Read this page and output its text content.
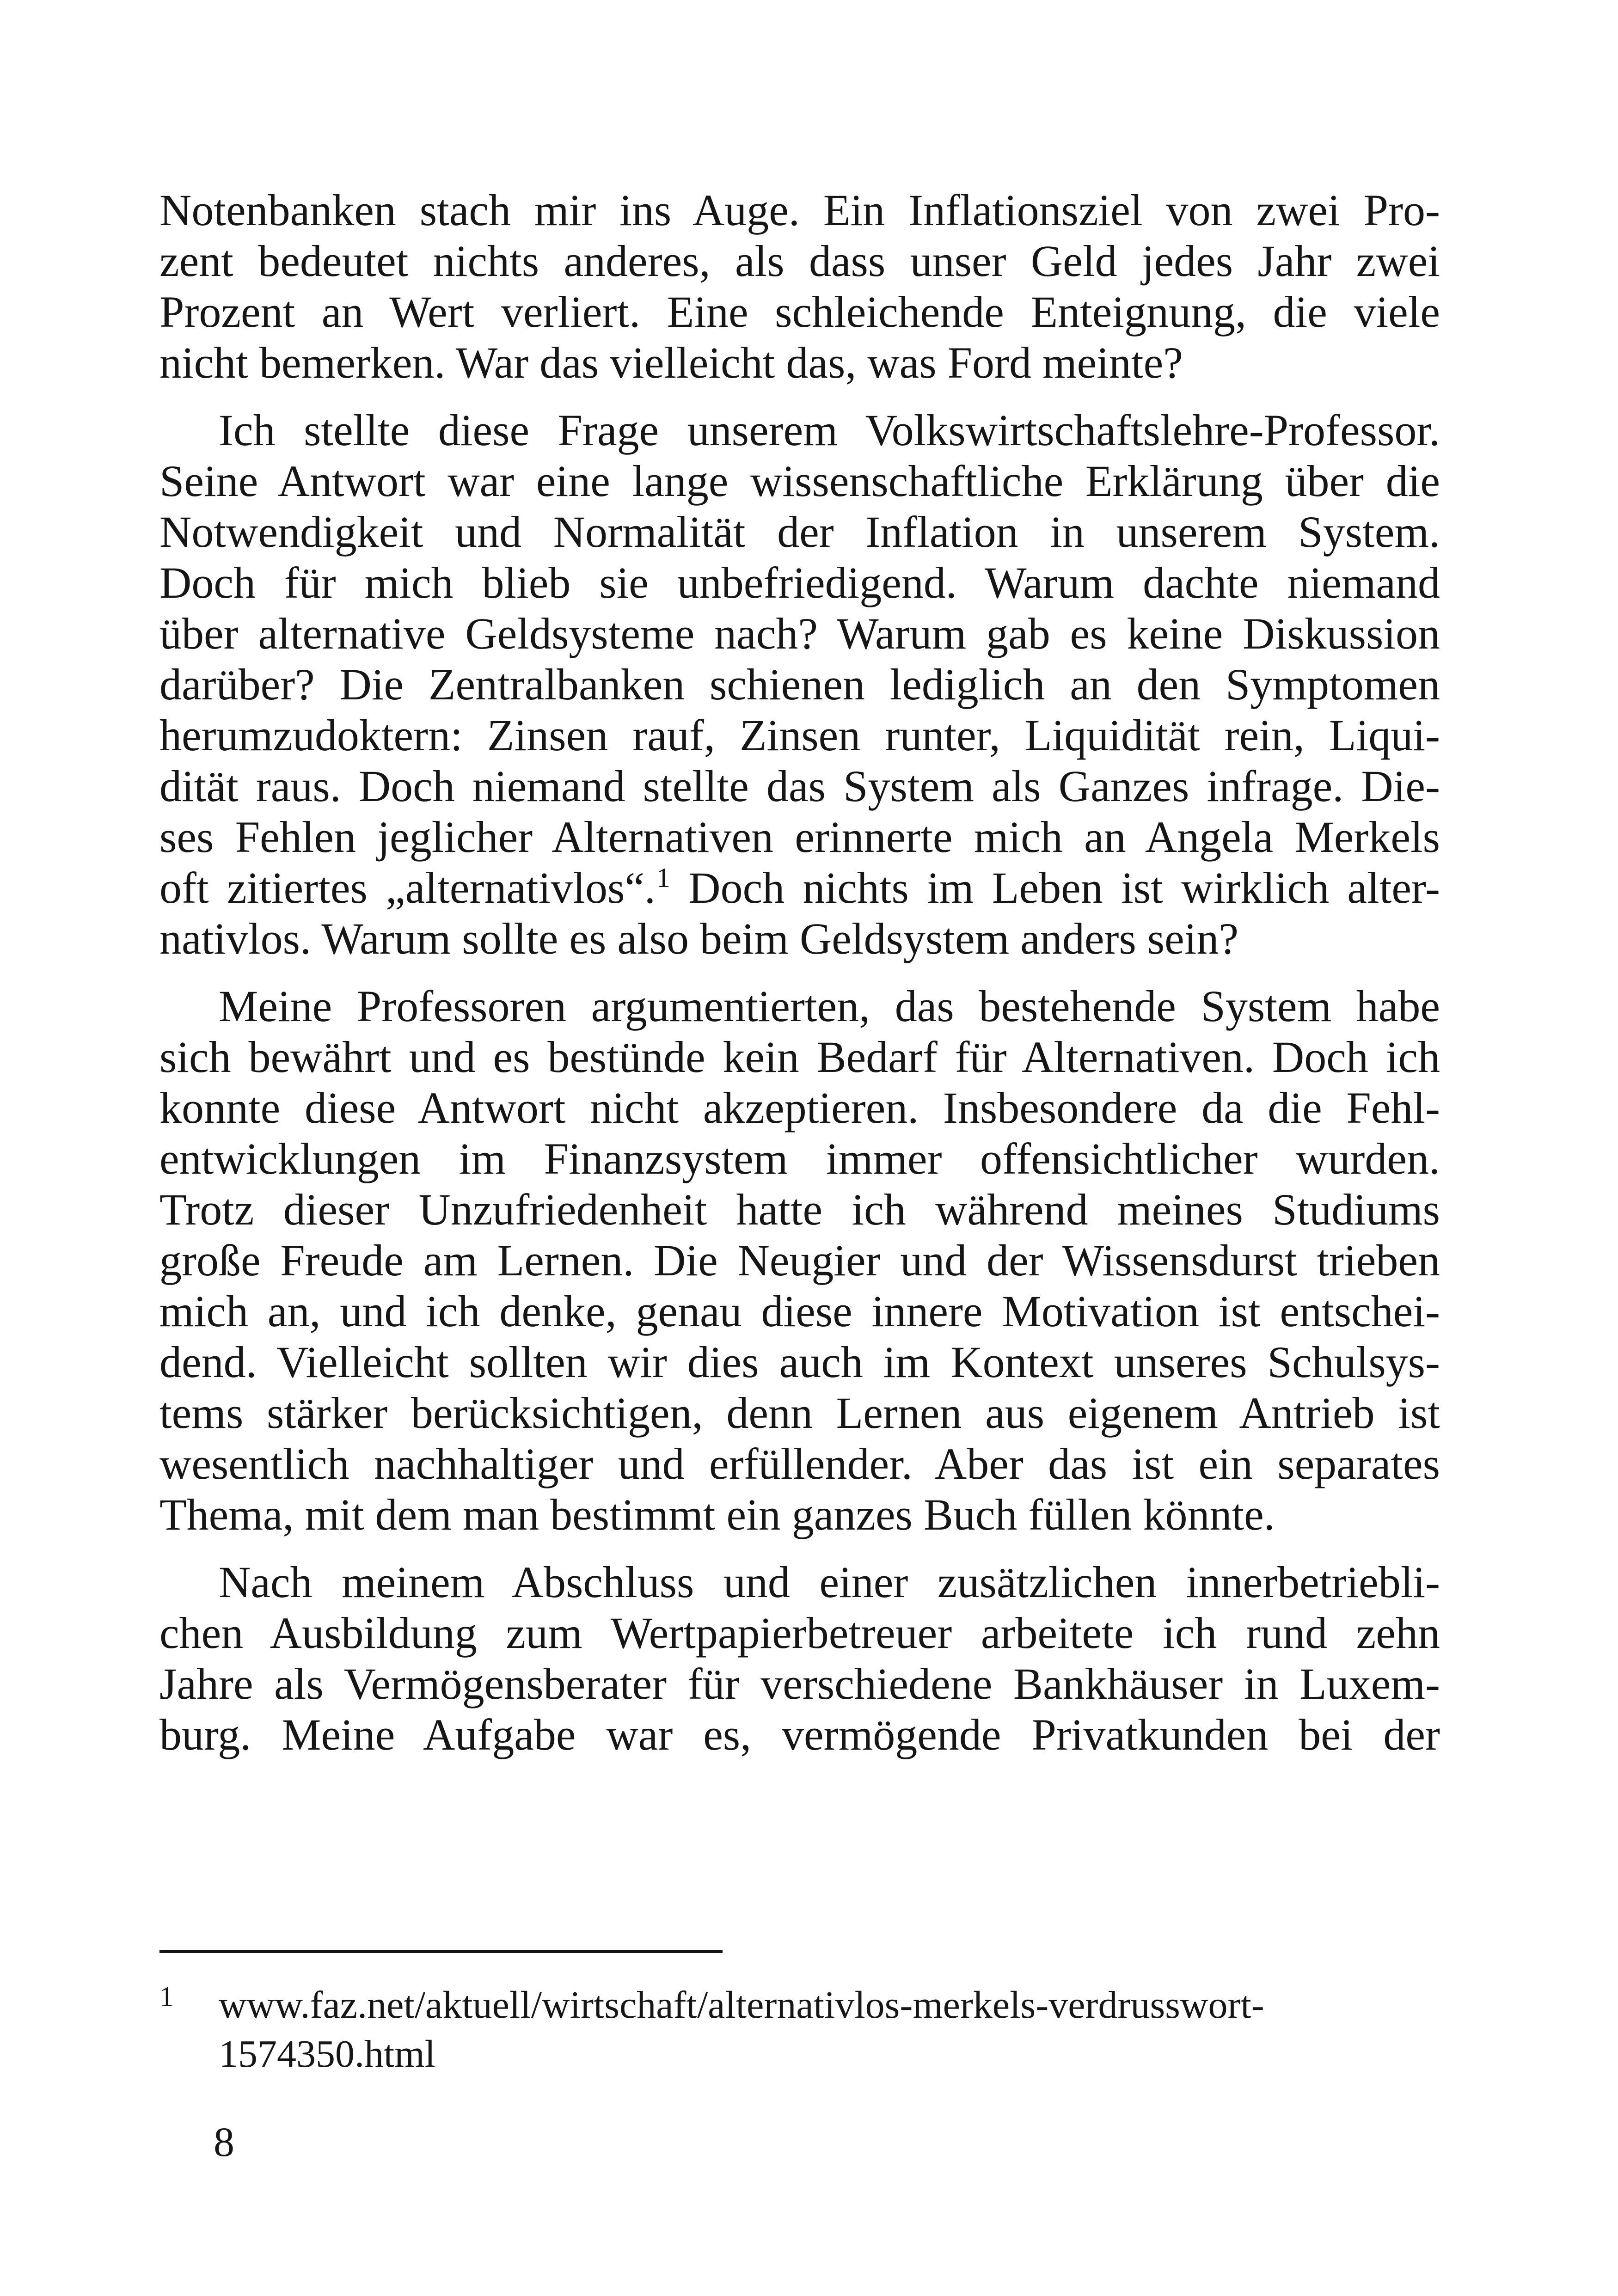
Notenbanken stach mir ins Auge. Ein Inflationsziel von zwei Pro-
zent bedeutet nichts anderes, als dass unser Geld jedes Jahr zwei
Prozent an Wert verliert. Eine schleichende Enteignung, die viele
nicht bemerken. War das vielleicht das, was Ford meinte?
Ich stellte diese Frage unserem Volkswirtschaftslehre-Professor.
Seine Antwort war eine lange wissenschaftliche Erklärung über die
Notwendigkeit und Normalität der Inflation in unserem System.
Doch für mich blieb sie unbefriedigend. Warum dachte niemand
über alternative Geldsysteme nach? Warum gab es keine Diskussion
darüber? Die Zentralbanken schienen lediglich an den Symptomen
herumzudoktern: Zinsen rauf, Zinsen runter, Liquidität rein, Liqui-
dität raus. Doch niemand stellte das System als Ganzes infrage. Die-
ses Fehlen jeglicher Alternativen erinnerte mich an Angela Merkels
oft zitiertes „alternativlos“.$^1$ Doch nichts im Leben ist wirklich alter-
nativlos. Warum sollte es also beim Geldsystem anders sein?
Meine Professoren argumentierten, das bestehende System habe
sich bewährt und es bestünde kein Bedarf für Alternativen. Doch ich
konnte diese Antwort nicht akzeptieren. Insbesondere da die Fehl-
entwicklungen im Finanzsystem immer offensichtlicher wurden.
Trotz dieser Unzufriedenheit hatte ich während meines Studiums
große Freude am Lernen. Die Neugier und der Wissensdurst trieben
mich an, und ich denke, genau diese innere Motivation ist entschei-
dend. Vielleicht sollten wir dies auch im Kontext unseres Schulsys-
tems stärker berücksichtigen, denn Lernen aus eigenem Antrieb ist
wesentlich nachhaltiger und erfüllender. Aber das ist ein separates
Thema, mit dem man bestimmt ein ganzes Buch füllen könnte.
Nach meinem Abschluss und einer zusätzlichen innerbetriebli-
chen Ausbildung zum Wertpapierbetreuer arbeitete ich rund zehn
Jahre als Vermögensberater für verschiedene Bankhäuser in Luxem-
burg. Meine Aufgabe war es, vermögende Privatkunden bei der
1 www.faz.net/aktuell/wirtschaft/alternativlos-merkels-verdrusswort-
1574350.html
8
